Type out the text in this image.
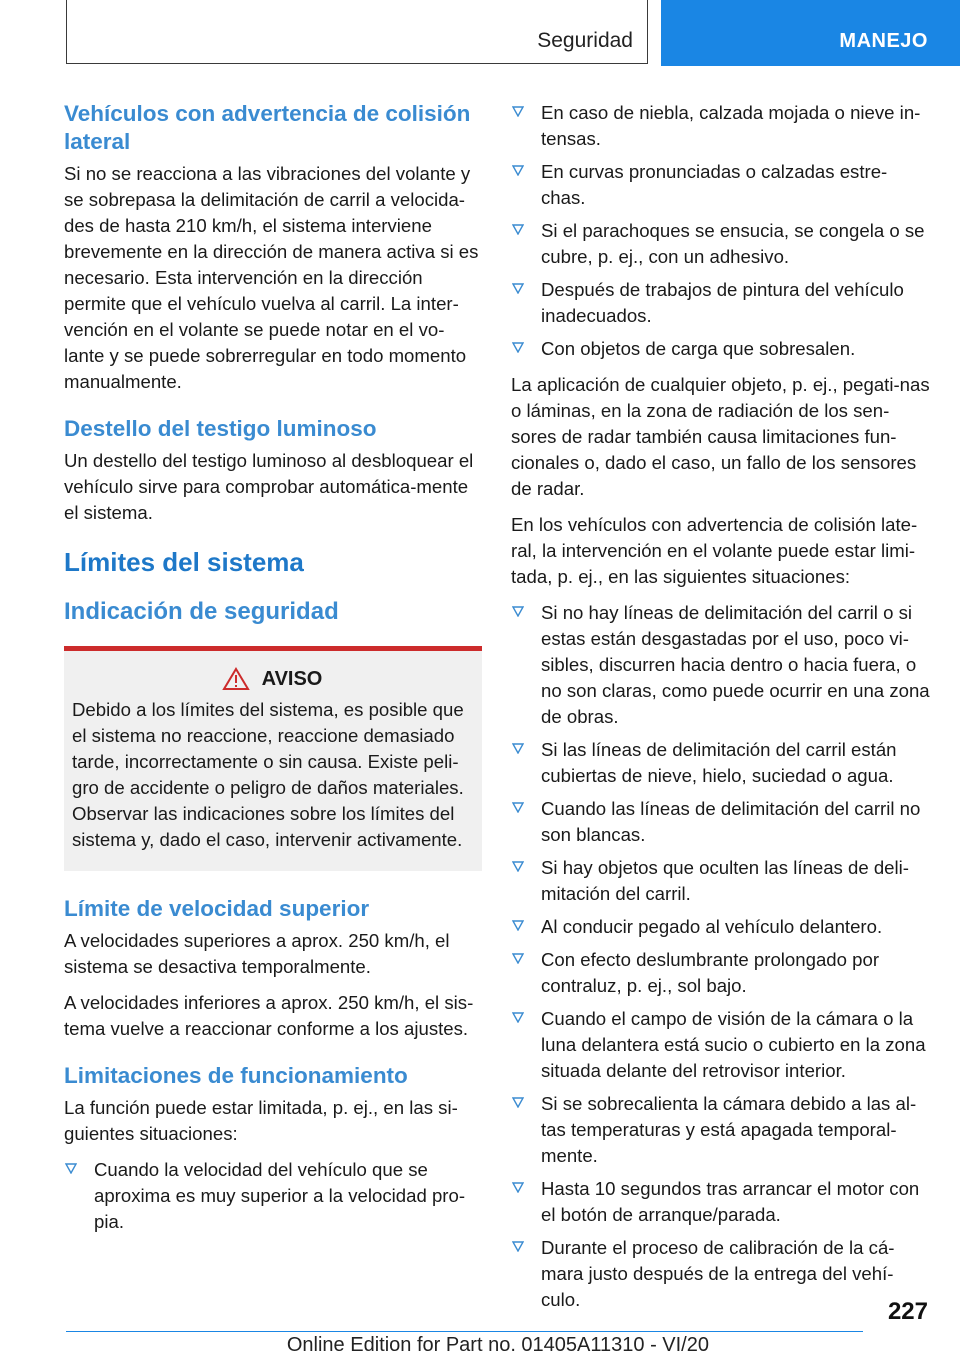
Seguridad	MANEJO
Vehículos con advertencia de colisión lateral

Si no se reacciona a las vibraciones del volante y se sobrepasa la delimitación de carril a velocida-des de hasta 210 km/h, el sistema interviene brevemente en la dirección de manera activa si es necesario. Esta intervención en la dirección permite que el vehículo vuelva al carril. La inter-vención en el volante se puede notar en el vo-lante y se puede sobrerregular en todo momento manualmente.

Destello del testigo luminoso

Un destello del testigo luminoso al desbloquear el vehículo sirve para comprobar automática-mente el sistema.

Límites del sistema
Indicación de seguridad
AVISO

Debido a los límites del sistema, es posible que el sistema no reaccione, reaccione demasiado tarde, incorrectamente o sin causa. Existe peli-gro de accidente o peligro de daños materiales. Observar las indicaciones sobre los límites del sistema y, dado el caso, intervenir activamente.

Límite de velocidad superior

A velocidades superiores a aprox. 250 km/h, el sistema se desactiva temporalmente.

A velocidades inferiores a aprox. 250 km/h, el sis-tema vuelve a reaccionar conforme a los ajustes.

Limitaciones de funcionamiento

La función puede estar limitada, p. ej., en las si-guientes situaciones:

Cuando la velocidad del vehículo que se aproxima es muy superior a la velocidad pro-pia.
En caso de niebla, calzada mojada o nieve in-tensas.
En curvas pronunciadas o calzadas estre-chas.
Si el parachoques se ensucia, se congela o se cubre, p. ej., con un adhesivo.
Después de trabajos de pintura del vehículo inadecuados.
Con objetos de carga que sobresalen.

La aplicación de cualquier objeto, p. ej., pegati-nas o láminas, en la zona de radiación de los sen-sores de radar también causa limitaciones fun-cionales o, dado el caso, un fallo de los sensores de radar.

En los vehículos con advertencia de colisión late-ral, la intervención en el volante puede estar limi-tada, p. ej., en las siguientes situaciones:

Si no hay líneas de delimitación del carril o si estas están desgastadas por el uso, poco vi-sibles, discurren hacia dentro o hacia fuera, o no son claras, como puede ocurrir en una zona de obras.
Si las líneas de delimitación del carril están cubiertas de nieve, hielo, suciedad o agua.
Cuando las líneas de delimitación del carril no son blancas.
Si hay objetos que oculten las líneas de deli-mitación del carril.
Al conducir pegado al vehículo delantero.
Con efecto deslumbrante prolongado por contraluz, p. ej., sol bajo.
Cuando el campo de visión de la cámara o la luna delantera está sucio o cubierto en la zona situada delante del retrovisor interior.
Si se sobrecalienta la cámara debido a las al-tas temperaturas y está apagada temporal-mente.
Hasta 10 segundos tras arrancar el motor con el botón de arranque/parada.
Durante el proceso de calibración de la cá-mara justo después de la entrega del vehí-culo.	227
Online Edition for Part no. 01405A11310 - VI/20
